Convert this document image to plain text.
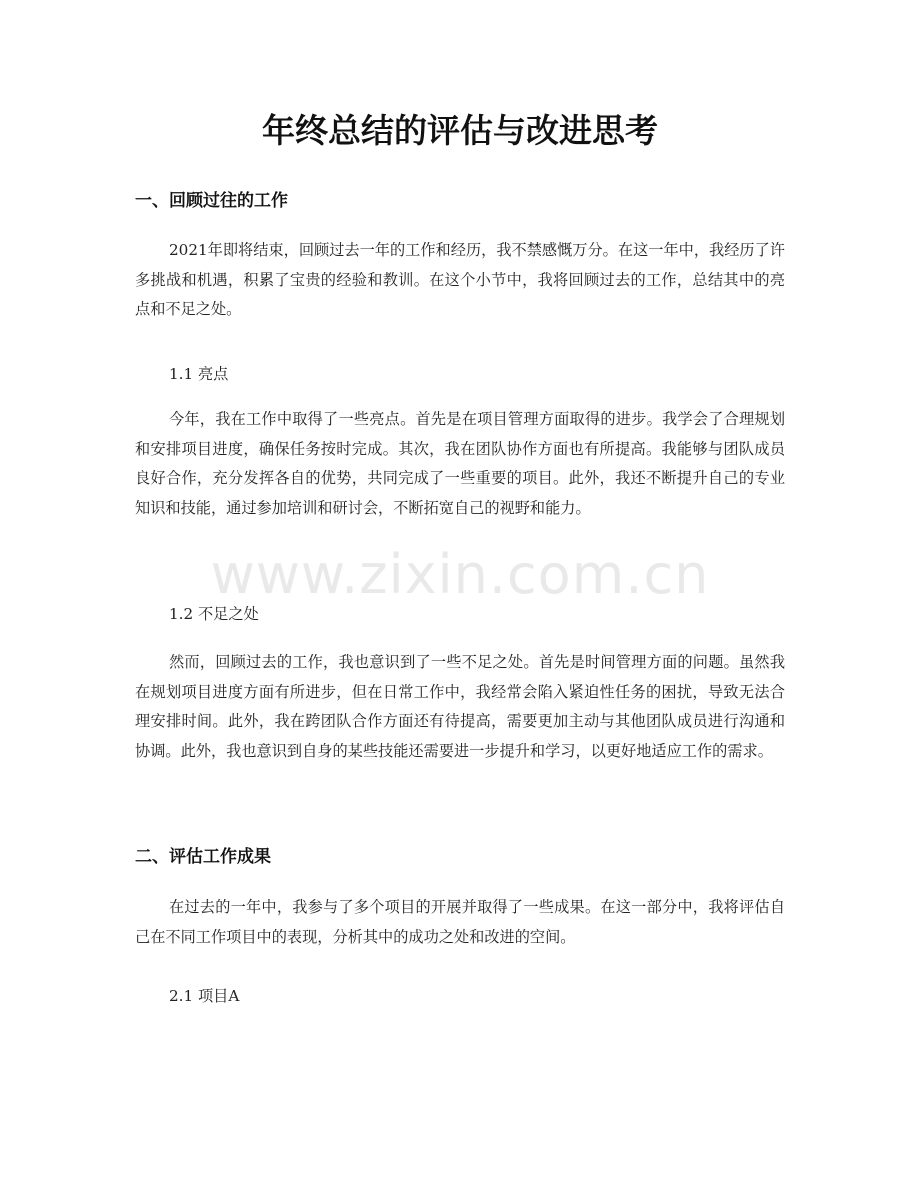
年终总结的评估与改进思考
一、回顾过往的工作

2021年即将结束，回顾过去一年的工作和经历，我不禁感慨万分。在这一年中，我经历了许多挑战和机遇，积累了宝贵的经验和教训。在这个小节中，我将回顾过去的工作，总结其中的亮点和不足之处。

1.1 亮点

今年，我在工作中取得了一些亮点。首先是在项目管理方面取得的进步。我学会了合理规划和安排项目进度，确保任务按时完成。其次，我在团队协作方面也有所提高。我能够与团队成员良好合作，充分发挥各自的优势，共同完成了一些重要的项目。此外，我还不断提升自己的专业知识和技能，通过参加培训和研讨会，不断拓宽自己的视野和能力。

1.2 不足之处

然而，回顾过去的工作，我也意识到了一些不足之处。首先是时间管理方面的问题。虽然我在规划项目进度方面有所进步，但在日常工作中，我经常会陷入紧迫性任务的困扰，导致无法合理安排时间。此外，我在跨团队合作方面还有待提高，需要更加主动与其他团队成员进行沟通和协调。此外，我也意识到自身的某些技能还需要进一步提升和学习，以更好地适应工作的需求。

二、评估工作成果

在过去的一年中，我参与了多个项目的开展并取得了一些成果。在这一部分中，我将评估自己在不同工作项目中的表现，分析其中的成功之处和改进的空间。

2.1 项目A

www.zixin.com.cn
